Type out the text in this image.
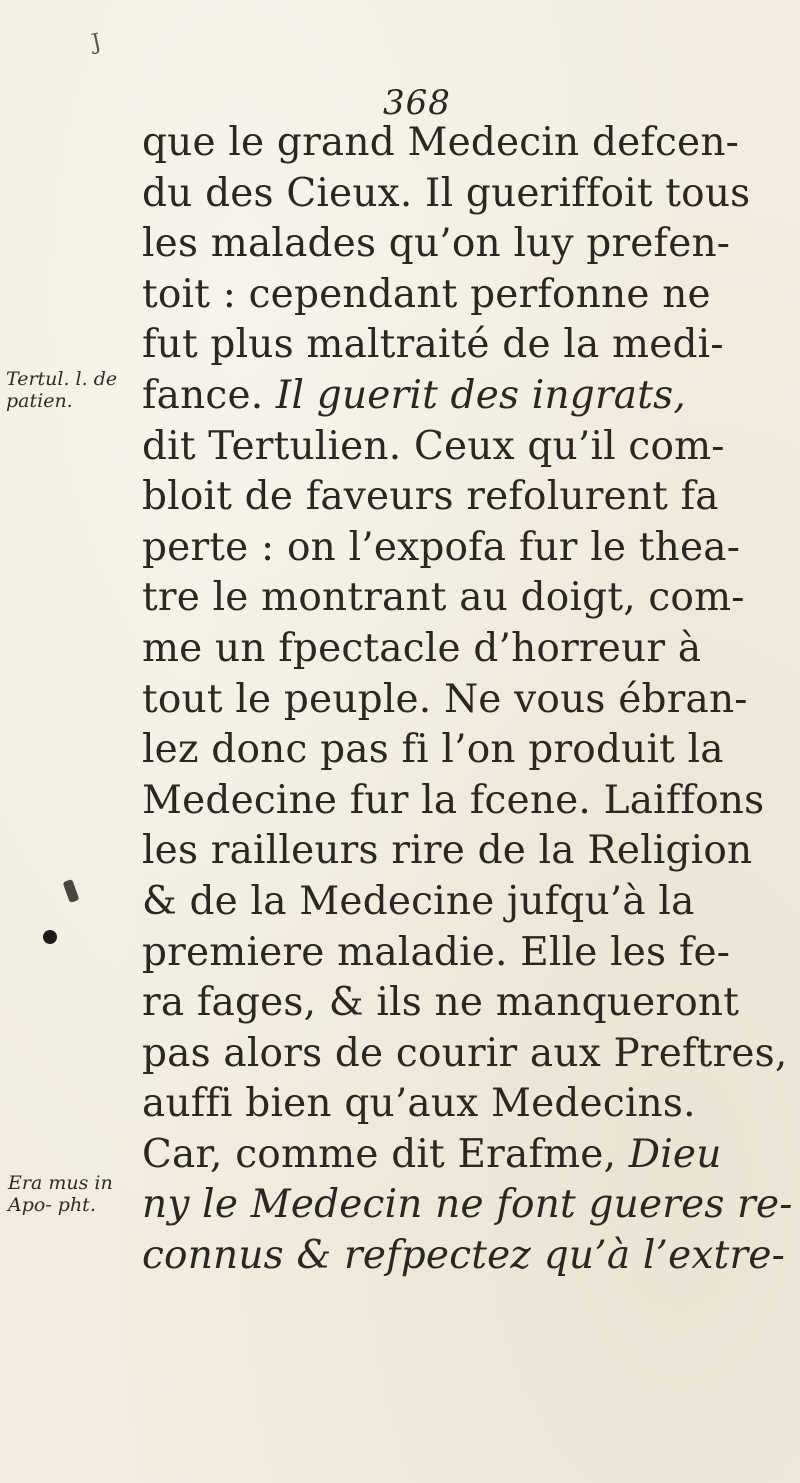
J
368
que le grand Medecin defcen-
du des Cieux. Il gueriffoit tous
les malades qu’on luy prefen-
toit : cependant perfonne ne
fut plus maltraité de la medi-
fance. Il guerit des ingrats,
dit Tertulien. Ceux qu’il com-
bloit de faveurs refolurent fa
perte : on l’expofa fur le thea-
tre le montrant au doigt, com-
me un fpectacle d’horreur à
tout le peuple. Ne vous ébran-
lez donc pas fi l’on produit la
Medecine fur la fcene. Laiffons
les railleurs rire de la Religion
& de la Medecine jufqu’à la
premiere maladie. Elle les fe-
ra fages, & ils ne manqueront
pas alors de courir aux Preftres,
auffi bien qu’aux Medecins.
Car, comme dit Erafme, Dieu
ny le Medecin ne font gueres re-
connus & refpectez qu’à l’extre-
Tertul. l. de patien.
Era mus in Apo- pht.
